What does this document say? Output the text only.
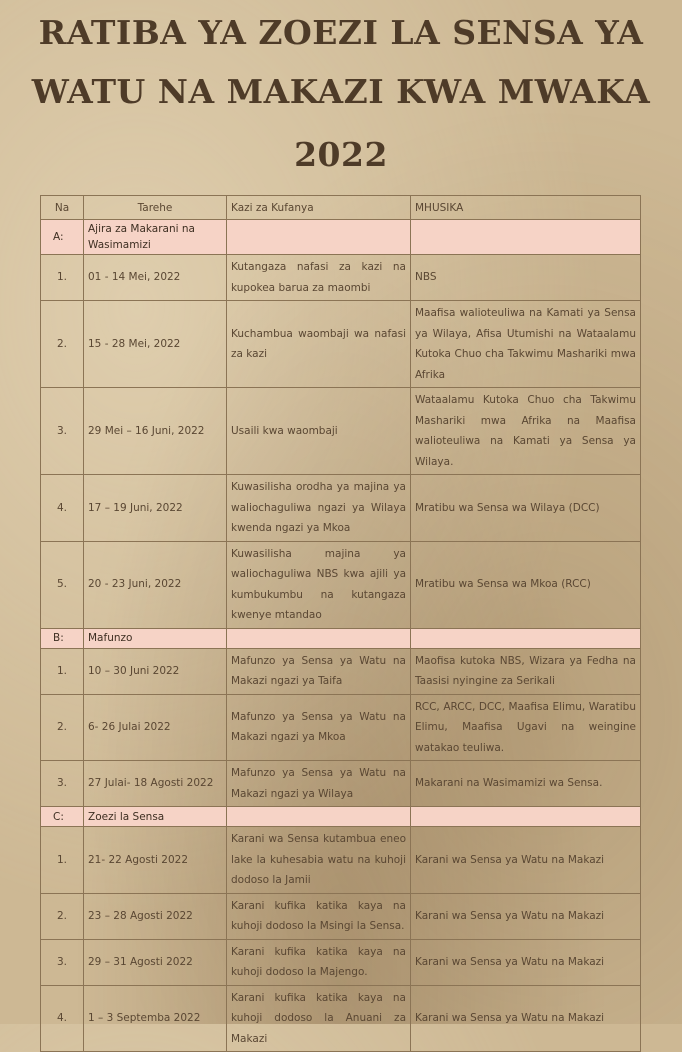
RATIBA YA ZOEZI LA SENSA YA
WATU NA MAKAZI KWA MWAKA
2022
Na	Tarehe	Kazi za Kufanya	MHUSIKA
A:	Ajira za Makarani na Wasimamizi		
1.	01 - 14 Mei, 2022	Kutangaza nafasi za kazi na kupokea barua za maombi	NBS
2.	15 - 28 Mei, 2022	Kuchambua waombaji wa nafasi za kazi	Maafisa walioteuliwa na Kamati ya Sensa ya Wilaya, Afisa Utumishi na Wataalamu Kutoka Chuo cha Takwimu Mashariki mwa Afrika
3.	29 Mei – 16 Juni, 2022	Usaili kwa waombaji	Wataalamu Kutoka Chuo cha Takwimu Mashariki mwa Afrika na Maafisa walioteuliwa na Kamati ya Sensa ya Wilaya.
4.	17 – 19 Juni, 2022	Kuwasilisha orodha ya majina ya waliochaguliwa ngazi ya Wilaya kwenda ngazi ya Mkoa	Mratibu wa Sensa wa Wilaya (DCC)
5.	20 - 23 Juni, 2022	Kuwasilisha majina ya waliochaguliwa NBS kwa ajili ya kumbukumbu na kutangaza kwenye mtandao	Mratibu wa Sensa wa Mkoa (RCC)
B:	Mafunzo		
1.	10 – 30 Juni 2022	Mafunzo ya Sensa ya Watu na Makazi ngazi ya Taifa	Maofisa kutoka NBS, Wizara ya Fedha na Taasisi nyingine za Serikali
2.	6- 26 Julai 2022	Mafunzo ya Sensa ya Watu na Makazi ngazi ya Mkoa	RCC, ARCC, DCC, Maafisa Elimu, Waratibu Elimu, Maafisa Ugavi na weingine watakao teuliwa.
3.	27 Julai- 18 Agosti 2022	Mafunzo ya Sensa ya Watu na Makazi ngazi ya Wilaya	Makarani na Wasimamizi wa Sensa.
C:	Zoezi la Sensa		
1.	21- 22 Agosti 2022	Karani wa Sensa kutambua eneo lake la kuhesabia watu na kuhoji dodoso la Jamii	Karani wa Sensa ya Watu na Makazi
2.	23 – 28 Agosti 2022	Karani kufika katika kaya na kuhoji dodoso la Msingi la Sensa.	Karani wa Sensa ya Watu na Makazi
3.	29 – 31 Agosti 2022	Karani kufika katika kaya na kuhoji dodoso la Majengo.	Karani wa Sensa ya Watu na Makazi
4.	1 – 3 Septemba 2022	Karani kufika katika kaya na kuhoji dodoso la Anuani za Makazi	Karani wa Sensa ya Watu na Makazi
